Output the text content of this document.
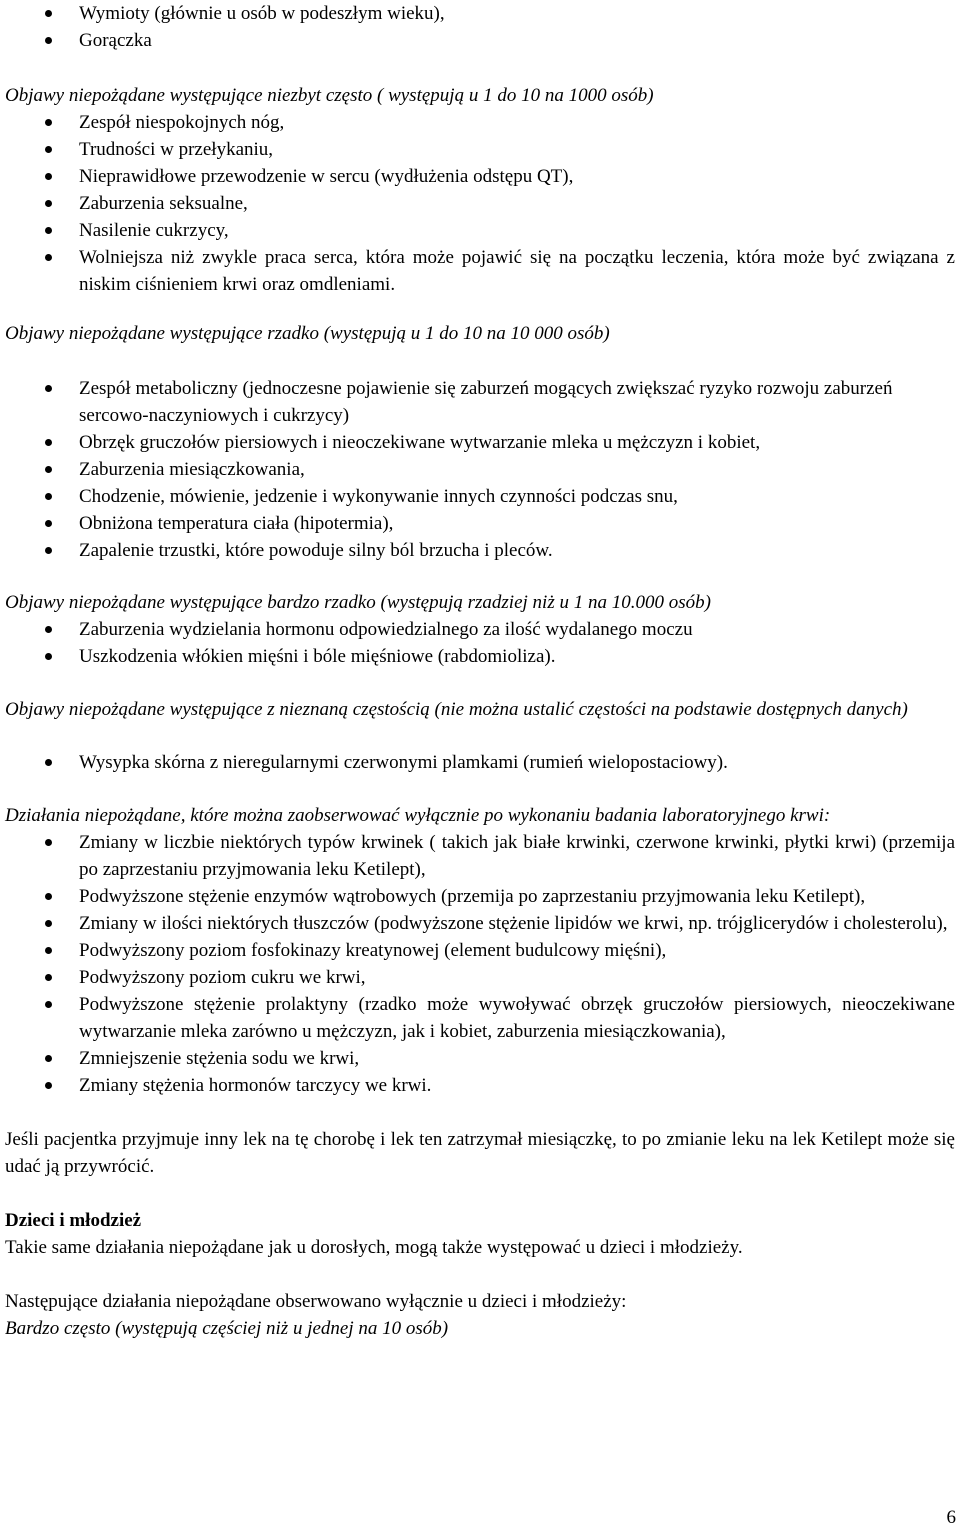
Wymioty (głównie u osób w podeszłym wieku),
Gorączka
Objawy niepożądane występujące niezbyt często ( występują u 1 do 10 na 1000 osób)
Zespół niespokojnych nóg,
Trudności w przełykaniu,
Nieprawidłowe przewodzenie w sercu (wydłużenia odstępu QT),
Zaburzenia seksualne,
Nasilenie cukrzycy,
Wolniejsza niż zwykle praca serca, która może pojawić się na początku leczenia, która może być związana z niskim ciśnieniem krwi oraz omdleniami.
Objawy niepożądane występujące rzadko (występują u 1 do 10 na 10 000 osób)
Zespół metaboliczny (jednoczesne pojawienie się zaburzeń mogących zwiększać ryzyko rozwoju zaburzeń sercowo-naczyniowych i cukrzycy)
Obrzęk gruczołów piersiowych i nieoczekiwane wytwarzanie mleka u mężczyzn i kobiet,
Zaburzenia miesiączkowania,
Chodzenie, mówienie, jedzenie i wykonywanie innych czynności podczas snu,
Obniżona temperatura ciała (hipotermia),
Zapalenie trzustki, które powoduje silny ból brzucha i pleców.
Objawy niepożądane występujące bardzo rzadko (występują rzadziej niż u 1 na 10.000 osób)
Zaburzenia wydzielania hormonu odpowiedzialnego za ilość wydalanego moczu
Uszkodzenia włókien mięśni i bóle mięśniowe (rabdomioliza).
Objawy niepożądane występujące z nieznaną częstością (nie można ustalić częstości na podstawie dostępnych danych)
Wysypka skórna z nieregularnymi czerwonymi plamkami (rumień wielopostaciowy).
Działania niepożądane, które można zaobserwować wyłącznie po wykonaniu badania laboratoryjnego krwi:
Zmiany w liczbie niektórych typów krwinek ( takich jak białe krwinki, czerwone krwinki, płytki krwi) (przemija po zaprzestaniu przyjmowania leku Ketilept),
Podwyższone stężenie enzymów wątrobowych (przemija po zaprzestaniu przyjmowania leku Ketilept),
Zmiany w ilości niektórych tłuszczów (podwyższone stężenie lipidów we krwi, np. trójglicerydów i cholesterolu),
Podwyższony poziom fosfokinazy kreatynowej (element budulcowy mięśni),
Podwyższony poziom cukru we krwi,
Podwyższone stężenie prolaktyny (rzadko może wywoływać obrzęk gruczołów piersiowych, nieoczekiwane wytwarzanie mleka zarówno u mężczyzn, jak i kobiet, zaburzenia miesiączkowania),
Zmniejszenie stężenia sodu we krwi,
Zmiany stężenia hormonów tarczycy we krwi.
Jeśli pacjentka przyjmuje inny lek na tę chorobę i lek ten zatrzymał miesiączkę, to po zmianie leku na lek Ketilept może się udać ją przywrócić.
Dzieci i młodzież
Takie same działania niepożądane jak u dorosłych, mogą także występować u dzieci i młodzieży.
Następujące działania niepożądane obserwowano wyłącznie u dzieci i młodzieży:
Bardzo często (występują częściej niż u jednej na 10 osób)
6
